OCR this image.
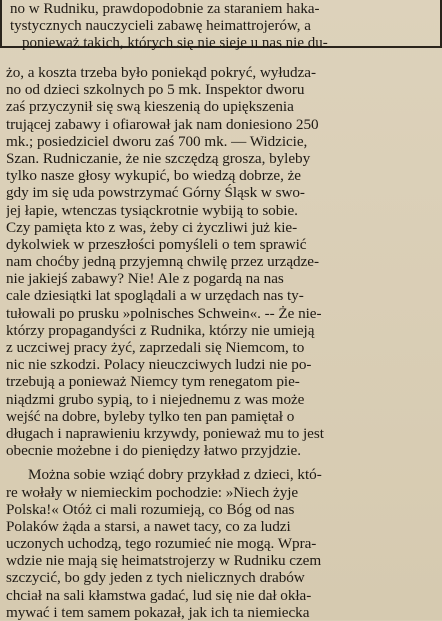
no w Rudniku, prawdopodobnie za staraniem haka-
tystycznych nauczycieli zabawę heimattrojerów, a
ponieważ takich, których się nie sieje u nas nie du-
żo, a koszta trzeba było poniekąd pokryć, wyłudza-
no od dzieci szkolnych po 5 mk. Inspektor dworu
zaś przyczynił się swą kieszenią do upiększenia
trującej zabawy i ofiarował jak nam doniesiono 250
mk.; posiedziciel dworu zaś 700 mk. — Widzicie,
Szan. Rudniczanie, że nie szczędzą grosza, byleby
tylko nasze głosy wykupić, bo wiedzą dobrze, że
gdy im się uda powstrzymać Górny Śląsk w swo-
jej łapie, wtenczas tysiąckrotnie wybiją to sobie.
Czy pamięta kto z was, żeby ci życzliwi już kie-
dykolwiek w przeszłości pomyśleli o tem sprawić
nam choćby jedną przyjemną chwilę przez urządze-
nie jakiejś zabawy? Nie! Ale z pogardą na nas
cale dziesiątki lat spoglądali a w urzędach nas ty-
tułowali po prusku »polnisches Schwein«. -- Że nie-
którzy propagandyści z Rudnika, którzy nie umieją
z uczciwej pracy żyć, zaprzedali się Niemcom, to
nic nie szkodzi. Polacy nieuczciwych ludzi nie po-
trzebują a ponieważ Niemcy tym renegatom pie-
niądzmi grubo sypią, to i niejednemu z was może
wejść na dobre, byleby tylko ten pan pamiętał o
długach i naprawieniu krzywdy, ponieważ mu to jest
obecnie możebne i do pieniędzy łatwo przyjdzie.
Można sobie wziąć dobry przykład z dzieci, któ-
re wołały w niemieckim pochodzie: »Niech żyje
Polska!« Otóż ci mali rozumieją, co Bóg od nas
Polaków żąda a starsi, a nawet tacy, co za ludzi
uczonych uchodzą, tego rozumieć nie mogą. Wpra-
wdzie nie mają się heimatstrojerzy w Rudniku czem
szczycić, bo gdy jeden z tych nielicznych drabów
chciał na sali kłamstwa gadać, lud się nie dał okła-
mywać i tem samem pokazał, jak ich ta niemiecka
